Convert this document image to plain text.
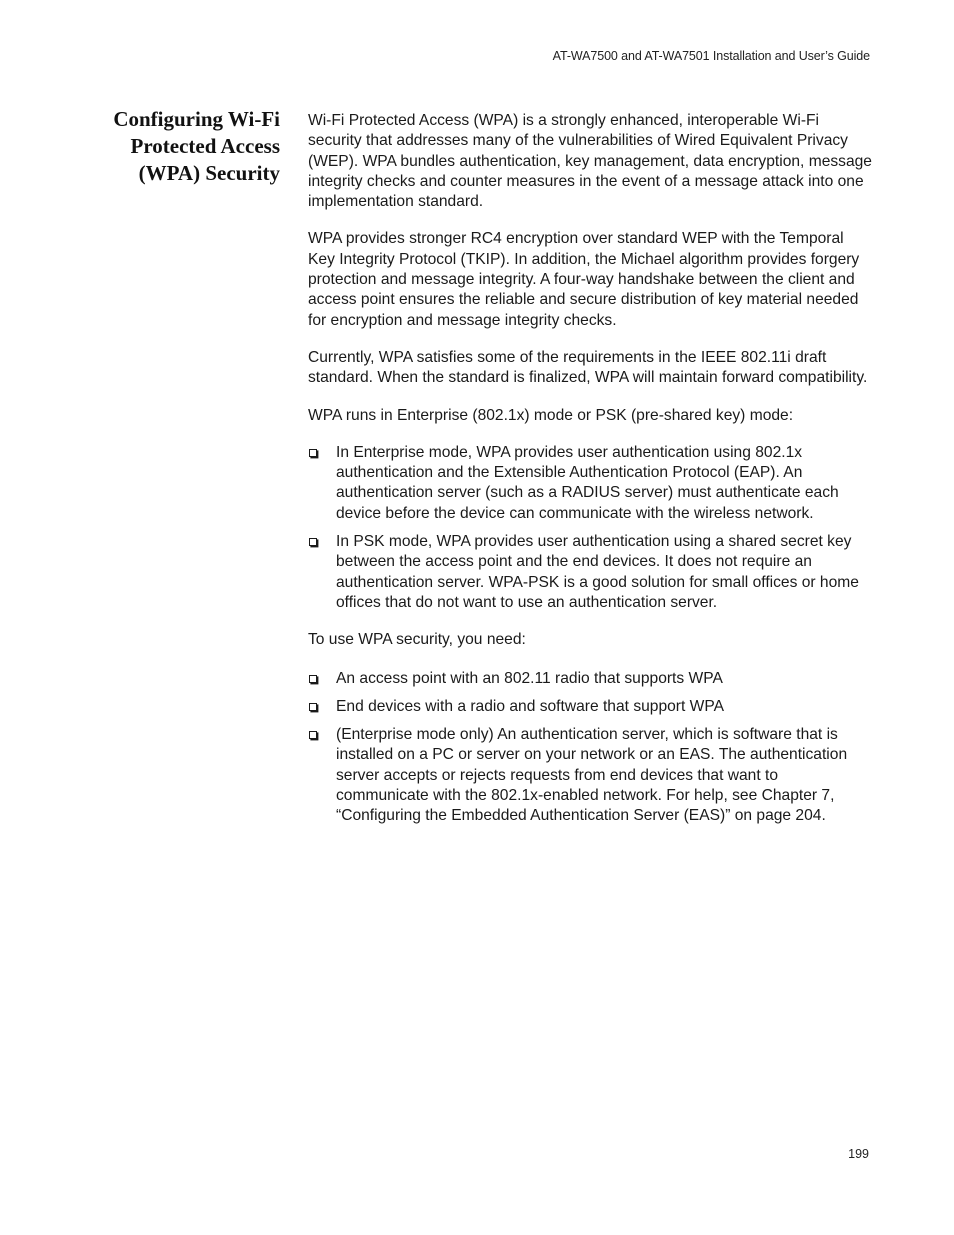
AT-WA7500 and AT-WA7501 Installation and User’s Guide
Configuring Wi-Fi Protected Access (WPA) Security

Wi-Fi Protected Access (WPA) is a strongly enhanced, interoperable Wi-Fi security that addresses many of the vulnerabilities of Wired Equivalent Privacy (WEP). WPA bundles authentication, key management, data encryption, message integrity checks and counter measures in the event of a message attack into one implementation standard.

WPA provides stronger RC4 encryption over standard WEP with the Temporal Key Integrity Protocol (TKIP). In addition, the Michael algorithm provides forgery protection and message integrity. A four-way handshake between the client and access point ensures the reliable and secure distribution of key material needed for encryption and message integrity checks.

Currently, WPA satisfies some of the requirements in the IEEE 802.11i draft standard. When the standard is finalized, WPA will maintain forward compatibility.

WPA runs in Enterprise (802.1x) mode or PSK (pre-shared key) mode:

In Enterprise mode, WPA provides user authentication using 802.1x authentication and the Extensible Authentication Protocol (EAP). An authentication server (such as a RADIUS server) must authenticate each device before the device can communicate with the wireless network.
In PSK mode, WPA provides user authentication using a shared secret key between the access point and the end devices. It does not require an authentication server. WPA-PSK is a good solution for small offices or home offices that do not want to use an authentication server.

To use WPA security, you need:

An access point with an 802.11 radio that supports WPA
End devices with a radio and software that support WPA
(Enterprise mode only) An authentication server, which is software that is installed on a PC or server on your network or an EAS. The authentication server accepts or rejects requests from end devices that want to communicate with the 802.1x-enabled network. For help, see Chapter 7, “Configuring the Embedded Authentication Server (EAS)” on page 204.
199
